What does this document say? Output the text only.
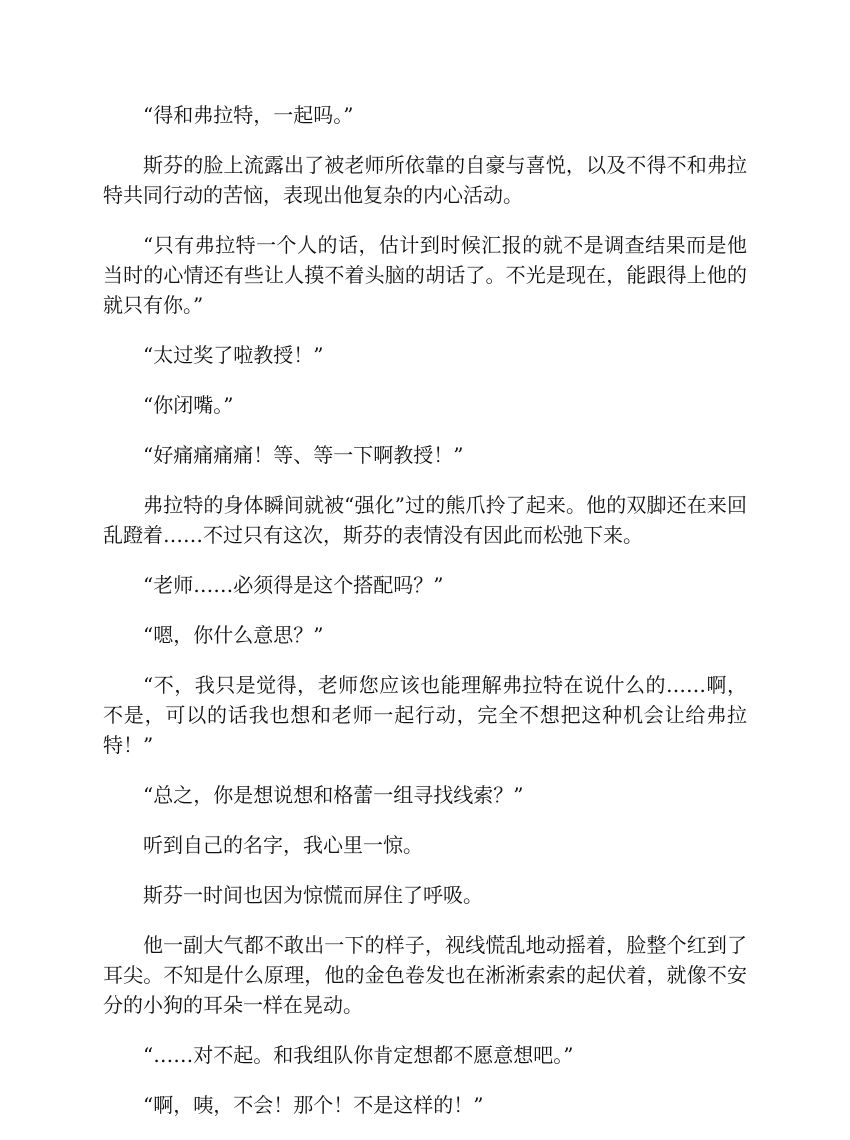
“得和弗拉特，一起吗。”

斯芬的脸上流露出了被老师所依靠的自豪与喜悦，以及不得不和弗拉特共同行动的苦恼，表现出他复杂的内心活动。

“只有弗拉特一个人的话，估计到时候汇报的就不是调查结果而是他当时的心情还有些让人摸不着头脑的胡话了。不光是现在，能跟得上他的就只有你。”

“太过奖了啦教授！”

“你闭嘴。”

“好痛痛痛痛！等、等一下啊教授！”

弗拉特的身体瞬间就被“强化”过的熊爪拎了起来。他的双脚还在来回乱蹬着……不过只有这次，斯芬的表情没有因此而松弛下来。

“老师……必须得是这个搭配吗？”

“嗯，你什么意思？”

“不，我只是觉得，老师您应该也能理解弗拉特在说什么的……啊，不是，可以的话我也想和老师一起行动，完全不想把这种机会让给弗拉特！”

“总之，你是想说想和格蕾一组寻找线索？”

听到自己的名字，我心里一惊。

斯芬一时间也因为惊慌而屏住了呼吸。

他一副大气都不敢出一下的样子，视线慌乱地动摇着，脸整个红到了耳尖。不知是什么原理，他的金色卷发也在淅淅索索的起伏着，就像不安分的小狗的耳朵一样在晃动。

“……对不起。和我组队你肯定想都不愿意想吧。”

“啊，咦，不会！那个！不是这样的！”
